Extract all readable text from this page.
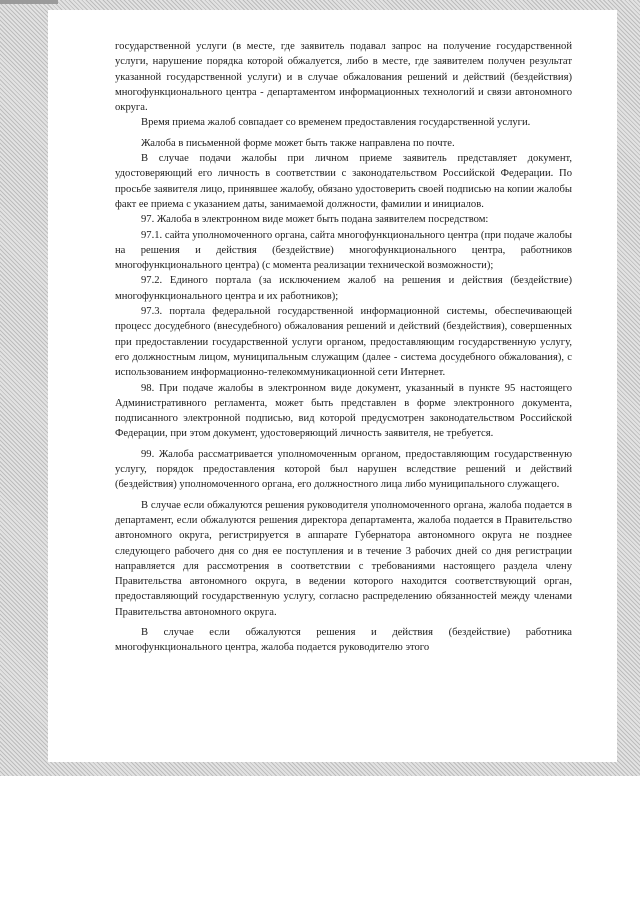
государственной услуги (в месте, где заявитель подавал запрос на получение государственной услуги, нарушение порядка которой обжалуется, либо в месте, где заявителем получен результат указанной государственной услуги) и в случае обжалования решений и действий (бездействия) многофункционального центра - департаментом информационных технологий и связи автономного округа.

Время приема жалоб совпадает со временем предоставления государственной услуги.

Жалоба в письменной форме может быть также направлена по почте.

В случае подачи жалобы при личном приеме заявитель представляет документ, удостоверяющий его личность в соответствии с законодательством Российской Федерации. По просьбе заявителя лицо, принявшее жалобу, обязано удостоверить своей подписью на копии жалобы факт ее приема с указанием даты, занимаемой должности, фамилии и инициалов.

97. Жалоба в электронном виде может быть подана заявителем посредством:

97.1. сайта уполномоченного органа, сайта многофункционального центра (при подаче жалобы на решения и действия (бездействие) многофункционального центра, работников многофункционального центра) (с момента реализации технической возможности);

97.2. Единого портала (за исключением жалоб на решения и действия (бездействие) многофункционального центра и их работников);

97.3. портала федеральной государственной информационной системы, обеспечивающей процесс досудебного (внесудебного) обжалования решений и действий (бездействия), совершенных при предоставлении государственной услуги органом, предоставляющим государственную услугу, его должностным лицом, муниципальным служащим (далее - система досудебного обжалования), с использованием информационно-телекоммуникационной сети Интернет.

98. При подаче жалобы в электронном виде документ, указанный в пункте 95 настоящего Административного регламента, может быть представлен в форме электронного документа, подписанного электронной подписью, вид которой предусмотрен законодательством Российской Федерации, при этом документ, удостоверяющий личность заявителя, не требуется.

99. Жалоба рассматривается уполномоченным органом, предоставляющим государственную услугу, порядок предоставления которой был нарушен вследствие решений и действий (бездействия) уполномоченного органа, его должностного лица либо муниципального служащего.

В случае если обжалуются решения руководителя уполномоченного органа, жалоба подается в департамент, если обжалуются решения директора департамента, жалоба подается в Правительство автономного округа, регистрируется в аппарате Губернатора автономного округа не позднее следующего рабочего дня со дня ее поступления и в течение 3 рабочих дней со дня регистрации направляется для рассмотрения в соответствии с требованиями настоящего раздела члену Правительства автономного округа, в ведении которого находится соответствующий орган, предоставляющий государственную услугу, согласно распределению обязанностей между членами Правительства автономного округа.

В случае если обжалуются решения и действия (бездействие) работника многофункционального центра, жалоба подается руководителю этого
